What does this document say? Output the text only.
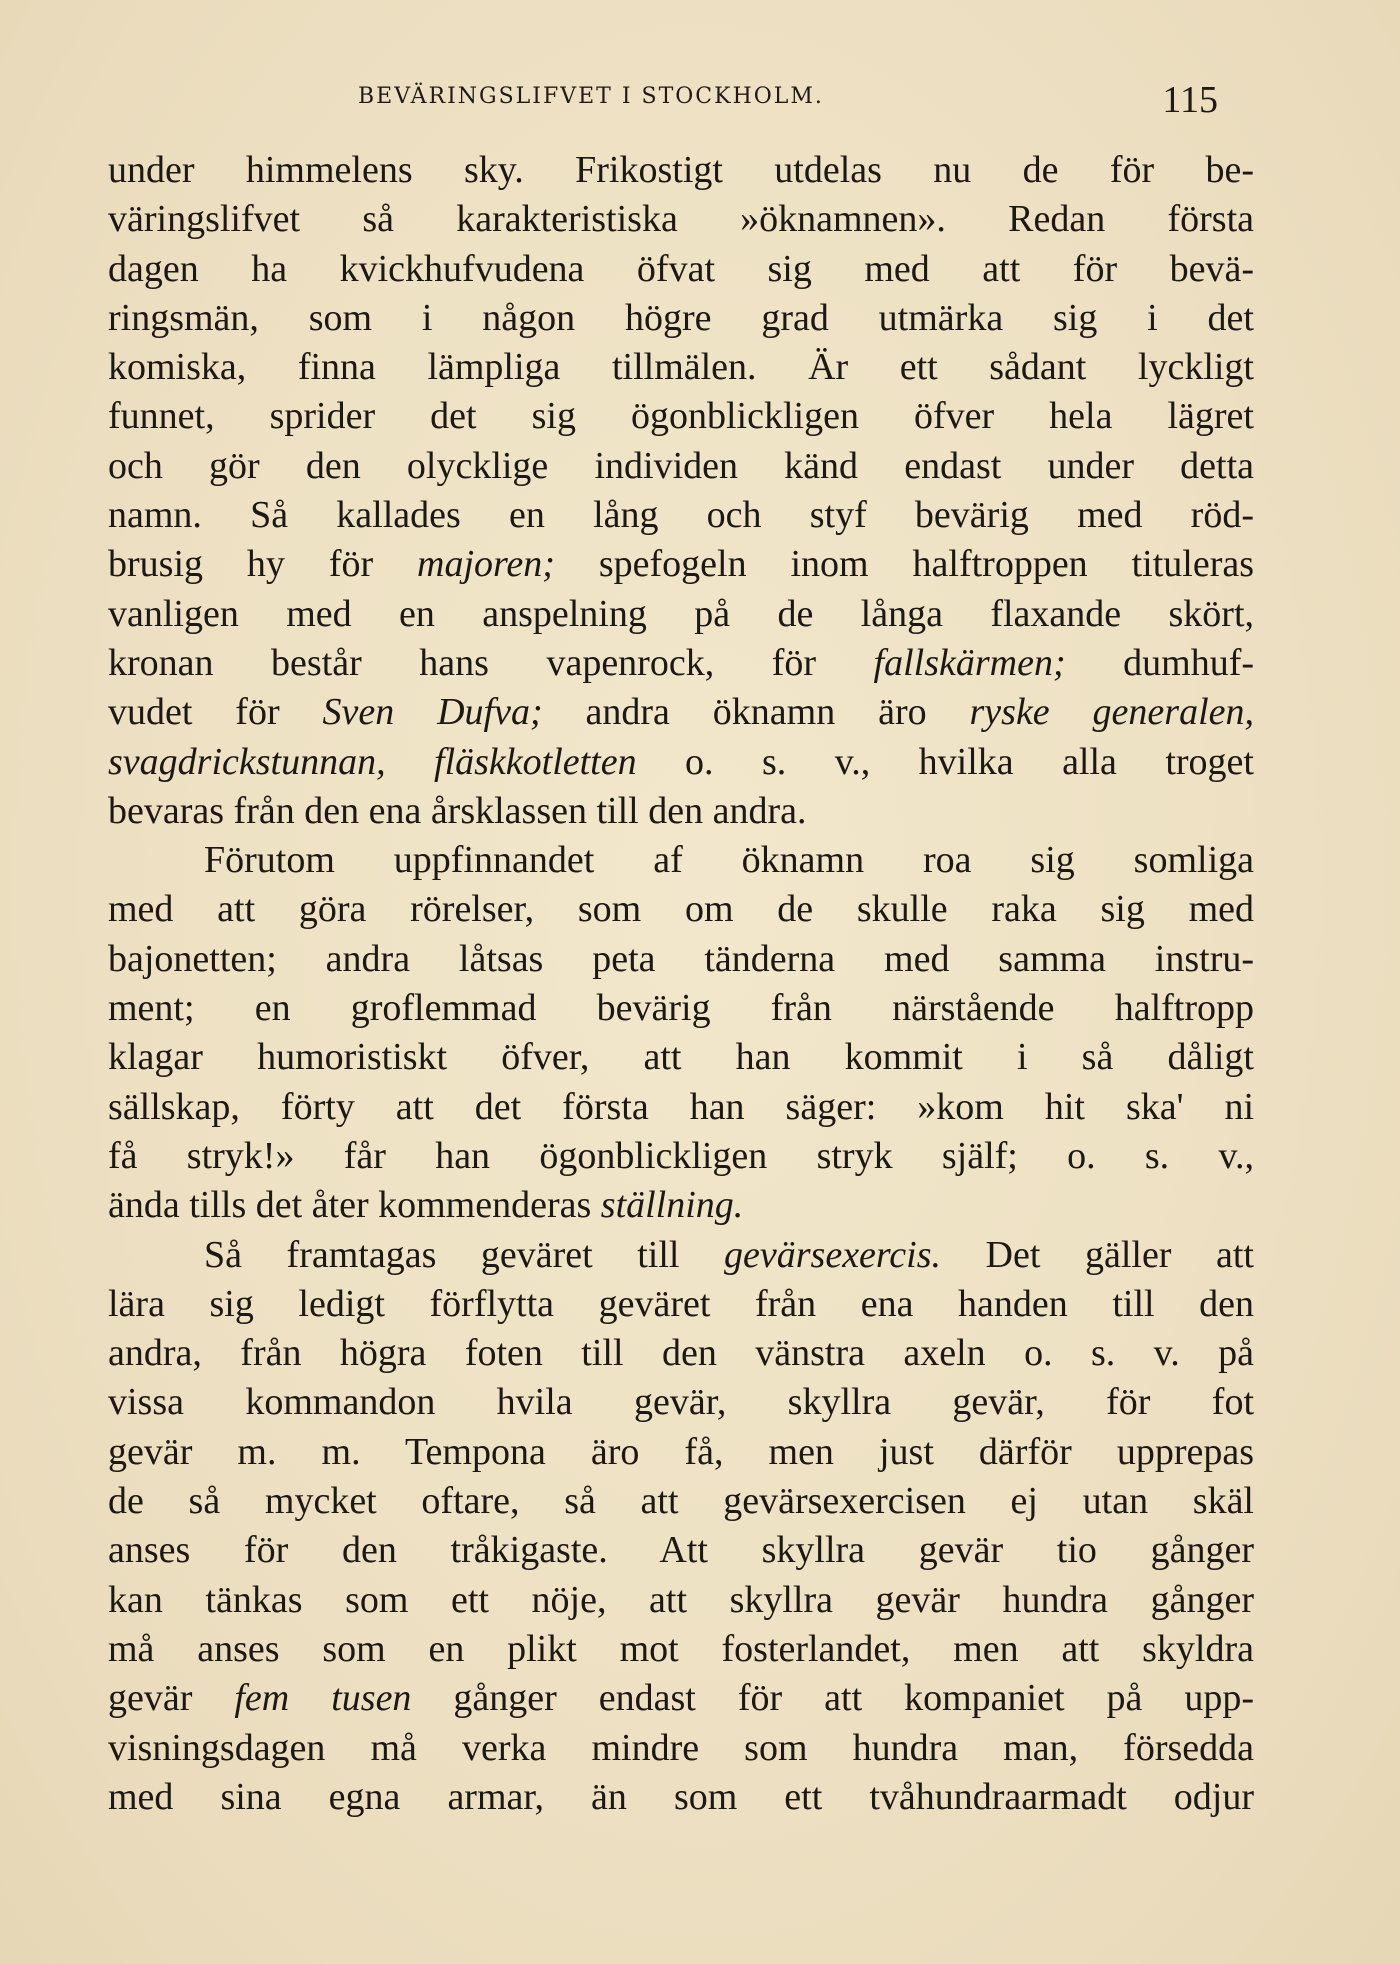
BEVÄRINGSLIFVET I STOCKHOLM.	115
under himmelens sky. Frikostigt utdelas nu de för be-
väringslifvet så karakteristiska »öknamnen». Redan första
dagen ha kvickhufvudena öfvat sig med att för bevä-
ringsmän, som i någon högre grad utmärka sig i det
komiska, finna lämpliga tillmälen. Är ett sådant lyckligt
funnet, sprider det sig ögonblickligen öfver hela lägret
och gör den olycklige individen känd endast under detta
namn. Så kallades en lång och styf bevärig med röd-
brusig hy för majoren; spefogeln inom halftroppen tituleras
vanligen med en anspelning på de långa flaxande skört,
kronan består hans vapenrock, för fallskärmen; dumhuf-
vudet för Sven Dufva; andra öknamn äro ryske generalen,
svagdrickstunnan, fläskkotletten o. s. v., hvilka alla troget
bevaras från den ena årsklassen till den andra.
Förutom uppfinnandet af öknamn roa sig somliga
med att göra rörelser, som om de skulle raka sig med
bajonetten; andra låtsas peta tänderna med samma instru-
ment; en groflemmad bevärig från närstående halftropp
klagar humoristiskt öfver, att han kommit i så dåligt
sällskap, förty att det första han säger: »kom hit ska' ni
få stryk!» får han ögonblickligen stryk själf; o. s. v.,
ända tills det åter kommenderas ställning.
Så framtagas geväret till gevärsexercis. Det gäller att
lära sig ledigt förflytta geväret från ena handen till den
andra, från högra foten till den vänstra axeln o. s. v. på
vissa kommandon hvila gevär, skyllra gevär, för fot
gevär m. m. Tempona äro få, men just därför upprepas
de så mycket oftare, så att gevärsexercisen ej utan skäl
anses för den tråkigaste. Att skyllra gevär tio gånger
kan tänkas som ett nöje, att skyllra gevär hundra gånger
må anses som en plikt mot fosterlandet, men att skyldra
gevär fem tusen gånger endast för att kompaniet på upp-
visningsdagen må verka mindre som hundra man, försedda
med sina egna armar, än som ett tvåhundraarmadt odjur
